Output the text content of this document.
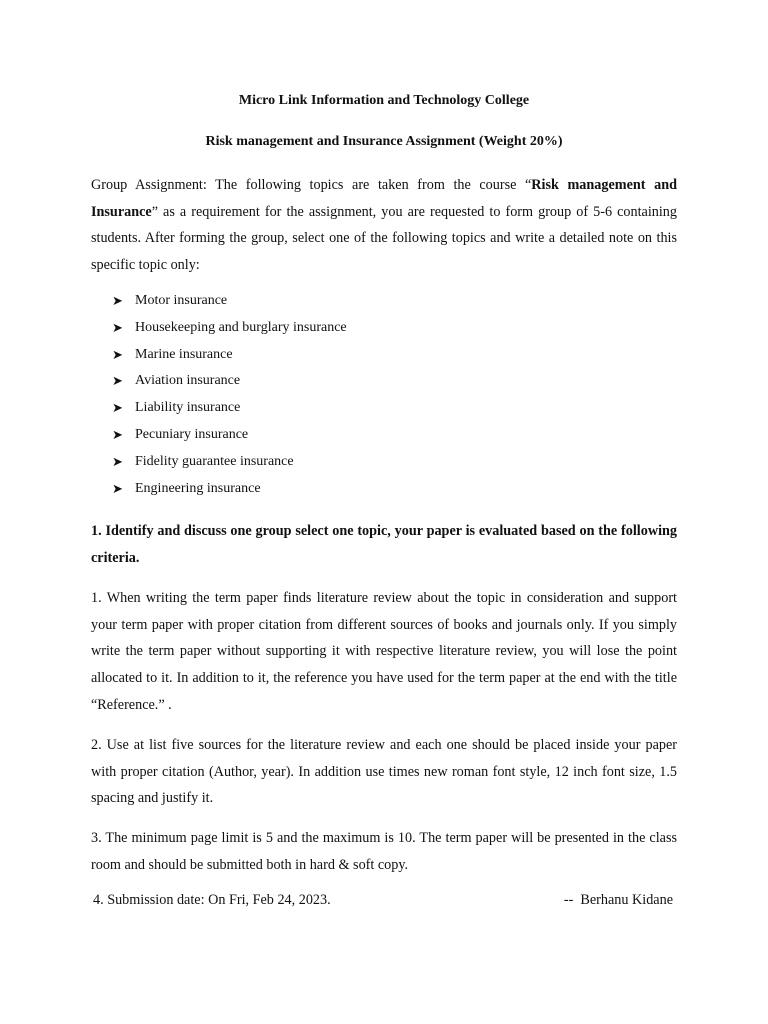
Micro Link Information and Technology College
Risk management and Insurance Assignment (Weight 20%)

Group Assignment: The following topics are taken from the course “Risk management and Insurance” as a requirement for the assignment, you are requested to form group of 5-6 containing students. After forming the group, select one of the following topics and write a detailed note on this specific topic only:

➤ Motor insurance
➤ Housekeeping and burglary insurance
➤ Marine insurance
➤ Aviation insurance
➤ Liability insurance
➤ Pecuniary insurance
➤ Fidelity guarantee insurance
➤ Engineering insurance

1. Identify and discuss one group select one topic, your paper is evaluated based on the following criteria.

1. When writing the term paper finds literature review about the topic in consideration and support your term paper with proper citation from different sources of books and journals only. If you simply write the term paper without supporting it with respective literature review, you will lose the point allocated to it. In addition to it, the reference you have used for the term paper at the end with the title “Reference.” .

2. Use at list five sources for the literature review and each one should be placed inside your paper with proper citation (Author, year). In addition use times new roman font style, 12 inch font size, 1.5 spacing and justify it.

3. The minimum page limit is 5 and the maximum is 10. The term paper will be presented in the class room and should be submitted both in hard & soft copy.

4. Submission date: On Fri, Feb 24, 2023.	--  Berhanu Kidane
